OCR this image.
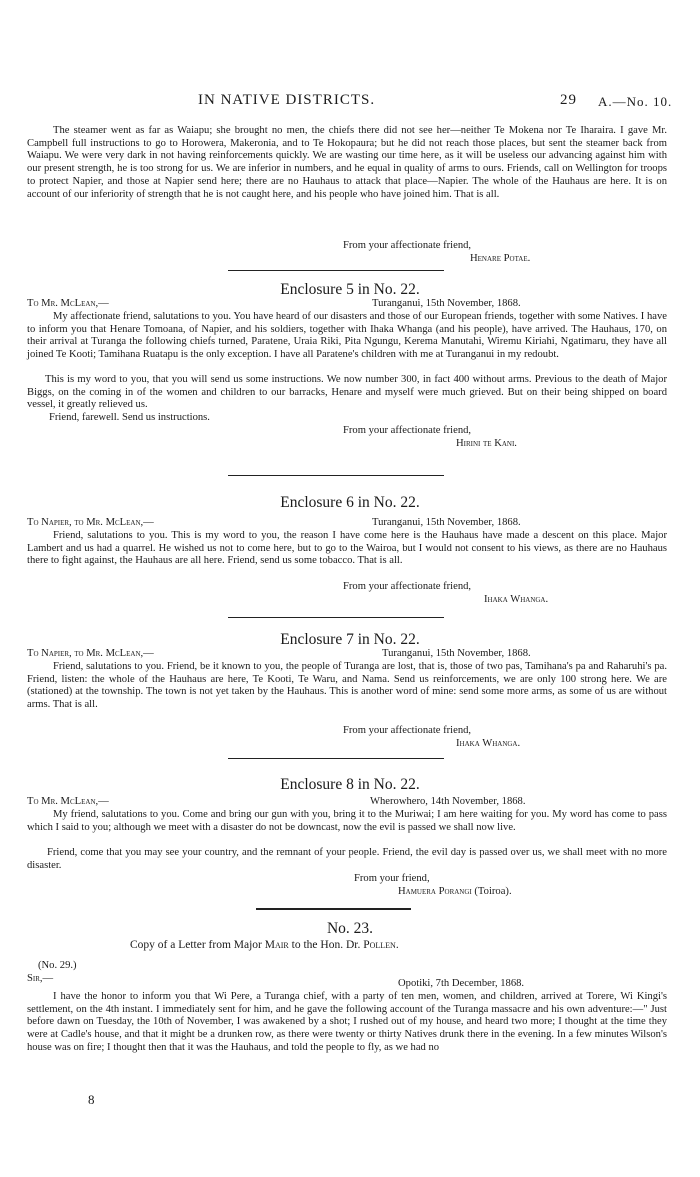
IN NATIVE DISTRICTS.	29 A.—No. 10.

The steamer went as far as Waiapu; she brought no men, the chiefs there did not see her—neither Te Mokena nor Te Iharaira. I gave Mr. Campbell full instructions to go to Horowera, Makeronia, and to Te Hokopaura; but he did not reach those places, but sent the steamer back from Waiapu. We were very dark in not having reinforcements quickly. We are wasting our time here, as it will be useless our advancing against him with our present strength, he is too strong for us. We are inferior in numbers, and he equal in quality of arms to ours. Friends, call on Wellington for troops to protect Napier, and those at Napier send here; there are no Hauhaus to attack that place—Napier. The whole of the Hauhaus are here. It is on account of our inferiority of strength that he is not caught here, and his people who have joined him. That is all.

From your affectionate friend,
Henare Potae.
Enclosure 5 in No. 22.
To Mr. McLean,—	Turanganui, 15th November, 1868.

My affectionate friend, salutations to you. You have heard of our disasters and those of our European friends, together with some Natives. I have to inform you that Henare Tomoana, of Napier, and his soldiers, together with Ihaka Whanga (and his people), have arrived. The Hauhaus, 170, on their arrival at Turanga the following chiefs turned, Paratene, Uraia Riki, Pita Ngungu, Kerema Manutahi, Wiremu Kiriahi, Ngatimaru, they have all joined Te Kooti; Tamihana Ruatapu is the only exception. I have all Paratene's children with me at Turanganui in my redoubt.

This is my word to you, that you will send us some instructions. We now number 300, in fact 400 without arms. Previous to the death of Major Biggs, on the coming in of the women and children to our barracks, Henare and myself were much grieved. But on their being shipped on board vessel, it greatly relieved us.

Friend, farewell. Send us instructions.

From your affectionate friend,
Hirini te Kani.
Enclosure 6 in No. 22.
To Napier, to Mr. McLean,—	Turanganui, 15th November, 1868.

Friend, salutations to you. This is my word to you, the reason I have come here is the Hauhaus have made a descent on this place. Major Lambert and us had a quarrel. He wished us not to come here, but to go to the Wairoa, but I would not consent to his views, as there are no Hauhaus there to fight against, the Hauhaus are all here. Friend, send us some tobacco. That is all.

From your affectionate friend,
Ihaka Whanga.
Enclosure 7 in No. 22.
To Napier, to Mr. McLean,—	Turanganui, 15th November, 1868.

Friend, salutations to you. Friend, be it known to you, the people of Turanga are lost, that is, those of two pas, Tamihana's pa and Raharuhi's pa. Friend, listen: the whole of the Hauhaus are here, Te Kooti, Te Waru, and Nama. Send us reinforcements, we are only 100 strong here. We are (stationed) at the township. The town is not yet taken by the Hauhaus. This is another word of mine: send some more arms, as some of us are without arms. That is all.

From your affectionate friend,
Ihaka Whanga.
Enclosure 8 in No. 22.
To Mr. McLean,—	Wherowhero, 14th November, 1868.

My friend, salutations to you. Come and bring our gun with you, bring it to the Muriwai; I am here waiting for you. My word has come to pass which I said to you; although we meet with a disaster do not be downcast, now the evil is passed we shall now live.

Friend, come that you may see your country, and the remnant of your people. Friend, the evil day is passed over us, we shall meet with no more disaster.

From your friend,
Hamuera Porangi (Toiroa).
No. 23.
Copy of a Letter from Major Mair to the Hon. Dr. Pollen.
(No. 29.)
Sir,—	Opotiki, 7th December, 1868.

I have the honor to inform you that Wi Pere, a Turanga chief, with a party of ten men, women, and children, arrived at Torere, Wi Kingi's settlement, on the 4th instant. I immediately sent for him, and he gave the following account of the Turanga massacre and his own adventure:—" Just before dawn on Tuesday, the 10th of November, I was awakened by a shot; I rushed out of my house, and heard two more; I thought at the time they were at Cadle's house, and that it might be a drunken row, as there were twenty or thirty Natives drunk there in the evening. In a few minutes Wilson's house was on fire; I thought then that it was the Hauhaus, and told the people to fly, as we had no

8
